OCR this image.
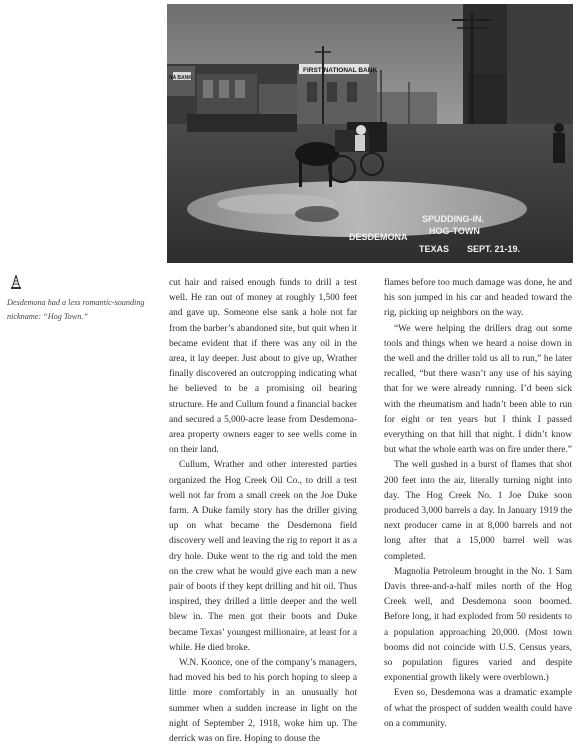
FIRST NATIONAL BANK
NA BANK
SPUDDING-IN.
HOG-TOWN
DESDEMONA
TEXAS SEPT. 21-19.
Desdemona had a less romantic-sounding nickname: “Hog Town.”

cut hair and raised enough funds to drill a test well. He ran out of money at roughly 1,500 feet and gave up. Someone else sank a hole not far from the barber’s abandoned site, but quit when it became evident that if there was any oil in the area, it lay deeper. Just about to give up, Wrather finally discovered an outcropping indicating what he believed to be a promising oil bearing structure. He and Cullum found a financial backer and secured a 5,000-acre lease from Desdemona-area property owners eager to see wells come in on their land.

Cullum, Wrather and other interested parties organized the Hog Creek Oil Co., to drill a test well not far from a small creek on the Joe Duke farm. A Duke family story has the driller giving up on what became the Desdemona field discovery well and leaving the rig to report it as a dry hole. Duke went to the rig and told the men on the crew what he would give each man a new pair of boots if they kept drilling and hit oil. Thus inspired, they drilled a little deeper and the well blew in. The men got their boots and Duke became Texas’ youngest millionaire, at least for a while. He died broke.

W.N. Koonce, one of the company’s managers, had moved his bed to his porch hoping to sleep a little more comfortably in an unusually hot summer when a sudden increase in light on the night of September 2, 1918, woke him up. The derrick was on fire. Hoping to douse the

flames before too much damage was done, he and his son jumped in his car and headed toward the rig, picking up neighbors on the way.

“We were helping the drillers drag out some tools and things when we heard a noise down in the well and the driller told us all to run,” he later recalled, “but there wasn’t any use of his saying that for we were already running. I’d been sick with the rheumatism and hadn’t been able to run for eight or ten years but I think I passed everything on that hill that night. I didn’t know but what the whole earth was on fire under there.”

The well gushed in a burst of flames that shot 200 feet into the air, literally turning night into day. The Hog Creek No. 1 Joe Duke soon produced 3,000 barrels a day. In January 1919 the next producer came in at 8,000 barrels and not long after that a 15,000 barrel well was completed.

Magnolia Petroleum brought in the No. 1 Sam Davis three-and-a-half miles north of the Hog Creek well, and Desdemona soon boomed. Before long, it had exploded from 50 residents to a population approaching 20,000. (Most town booms did not coincide with U.S. Census years, so population figures varied and despite exponential growth likely were overblown.)

Even so, Desdemona was a dramatic example of what the prospect of sudden wealth could have on a community.
